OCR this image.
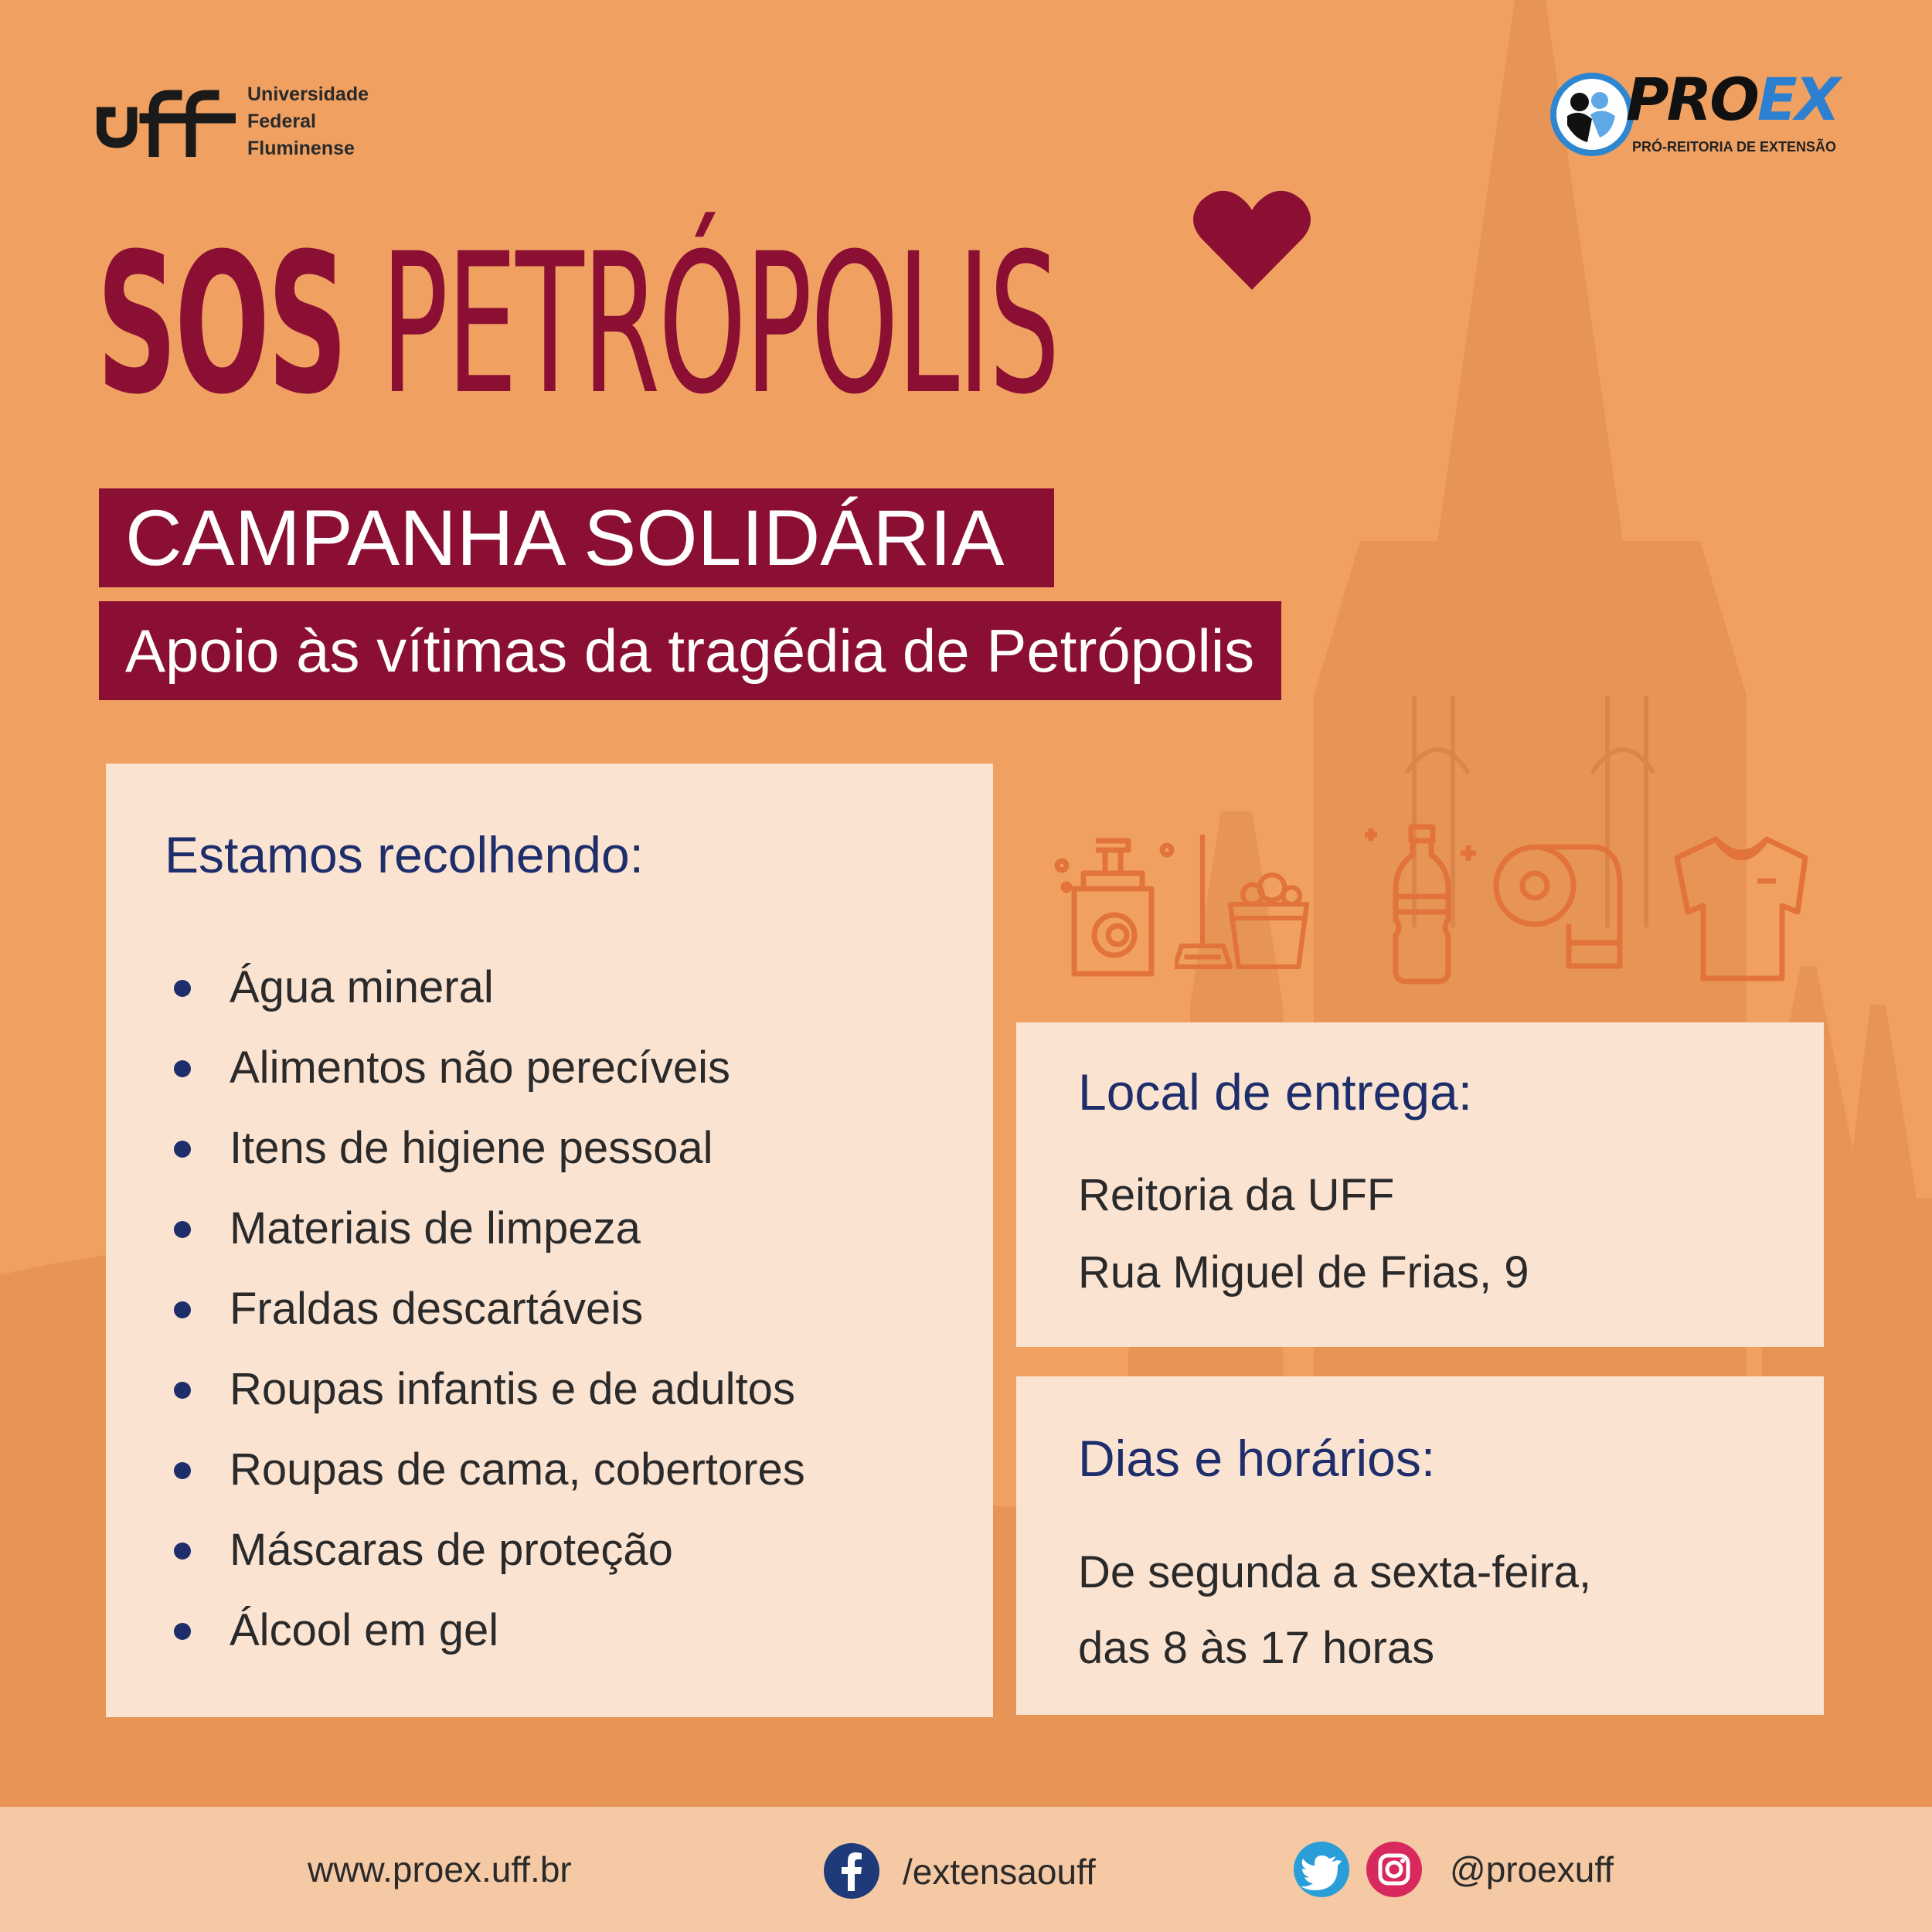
Universidade
Federal
Fluminense
PROEX
PRÓ-REITORIA DE EXTENSÃO
SOS PETRÓPOLIS
CAMPANHA SOLIDÁRIA
Apoio às vítimas da tragédia de Petrópolis
Estamos recolhendo:
Água mineral
Alimentos não perecíveis
Itens de higiene pessoal
Materiais de limpeza
Fraldas descartáveis
Roupas infantis e de adultos
Roupas de cama, cobertores
Máscaras de proteção
Álcool em gel
Local de entrega:
Reitoria da UFF
Rua Miguel de Frias, 9
Dias e horários:
De segunda a sexta-feira,
das 8 às 17 horas
www.proex.uff.br	/extensaouff	@proexuff
